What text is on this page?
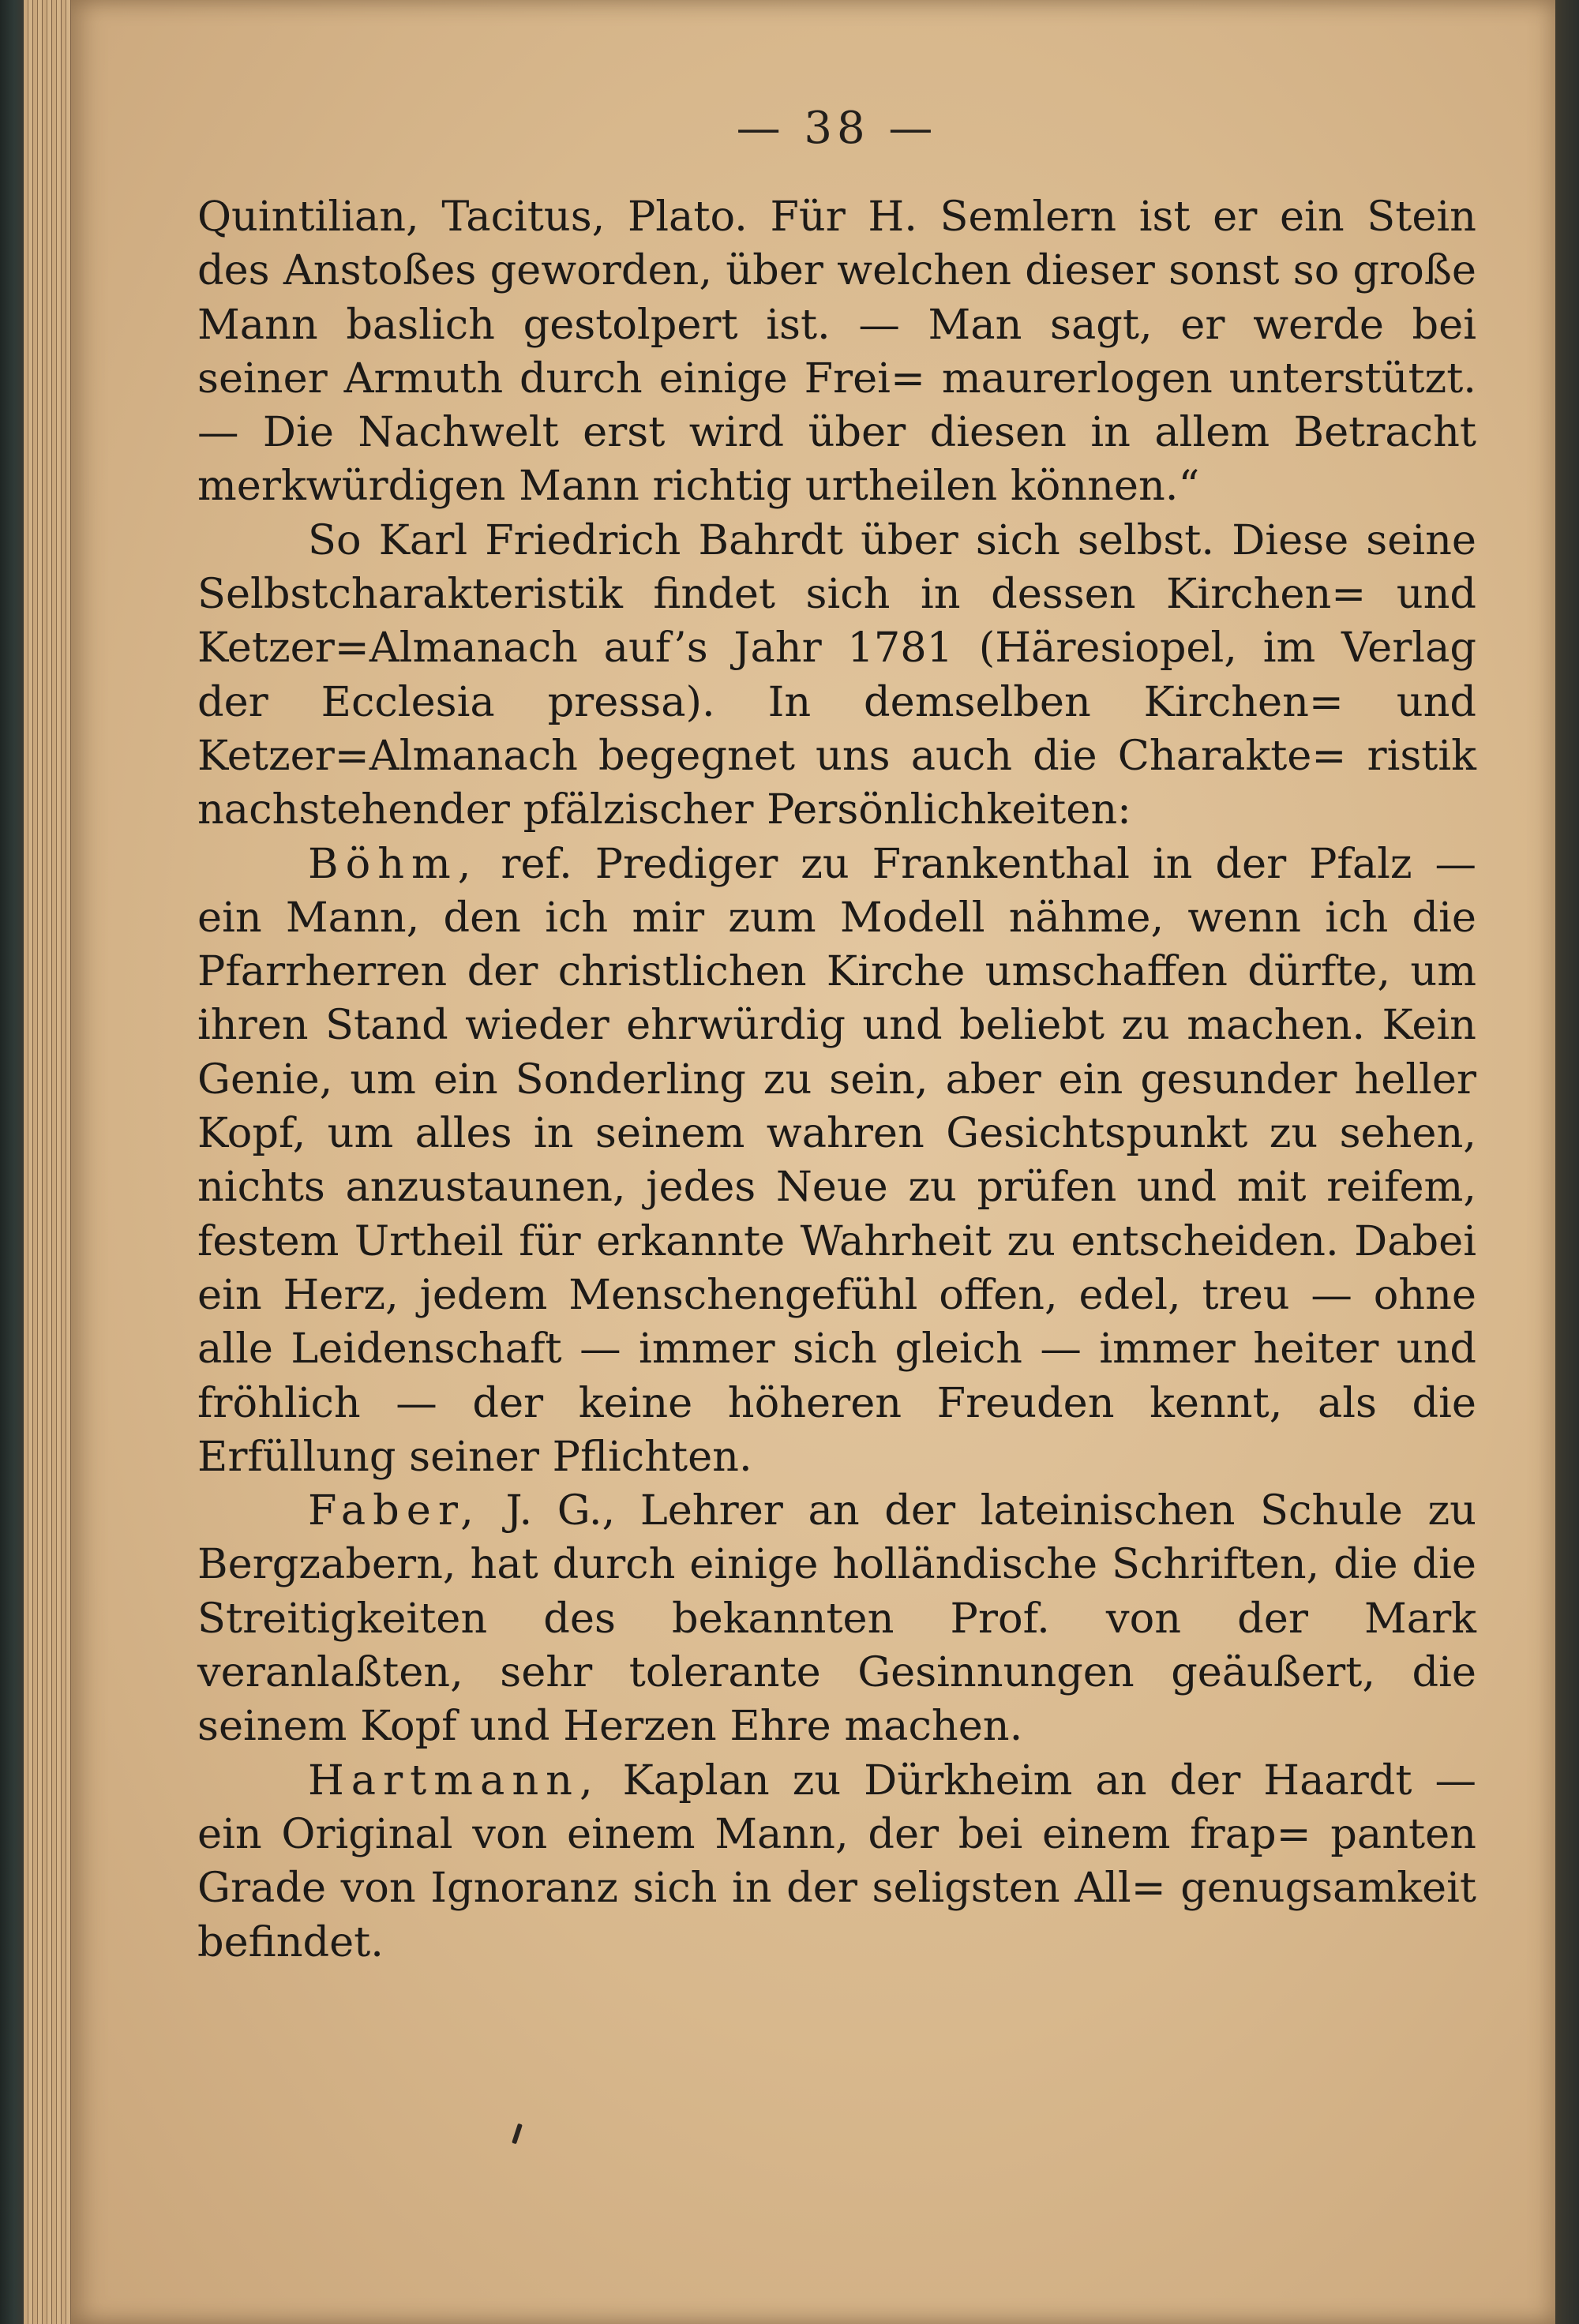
— 38 —

Quintilian, Tacitus, Plato. Für H. Semlern ist er ein Stein des Anstoßes geworden, über welchen dieser sonst so große Mann baslich gestolpert ist. — Man sagt, er werde bei seiner Armuth durch einige Frei= maurerlogen unterstützt. — Die Nachwelt erst wird über diesen in allem Betracht merkwürdigen Mann richtig urtheilen können.“

So Karl Friedrich Bahrdt über sich selbst. Diese seine Selbstcharakteristik findet sich in dessen Kirchen= und Ketzer=Almanach auf’s Jahr 1781 (Häresiopel, im Verlag der Ecclesia pressa). In demselben Kirchen= und Ketzer=Almanach begegnet uns auch die Charakte= ristik nachstehender pfälzischer Persönlichkeiten:

Böhm, ref. Prediger zu Frankenthal in der Pfalz — ein Mann, den ich mir zum Modell nähme, wenn ich die Pfarrherren der christlichen Kirche umschaffen dürfte, um ihren Stand wieder ehrwürdig und beliebt zu machen. Kein Genie, um ein Sonderling zu sein, aber ein gesunder heller Kopf, um alles in seinem wahren Gesichtspunkt zu sehen, nichts anzustaunen, jedes Neue zu prüfen und mit reifem, festem Urtheil für erkannte Wahrheit zu entscheiden. Dabei ein Herz, jedem Menschengefühl offen, edel, treu — ohne alle Leidenschaft — immer sich gleich — immer heiter und fröhlich — der keine höheren Freuden kennt, als die Erfüllung seiner Pflichten.

Faber, J. G., Lehrer an der lateinischen Schule zu Bergzabern, hat durch einige holländische Schriften, die die Streitigkeiten des bekannten Prof. von der Mark veranlaßten, sehr tolerante Gesinnungen geäußert, die seinem Kopf und Herzen Ehre machen.

Hartmann, Kaplan zu Dürkheim an der Haardt — ein Original von einem Mann, der bei einem frap= panten Grade von Ignoranz sich in der seligsten All= genugsamkeit befindet.
